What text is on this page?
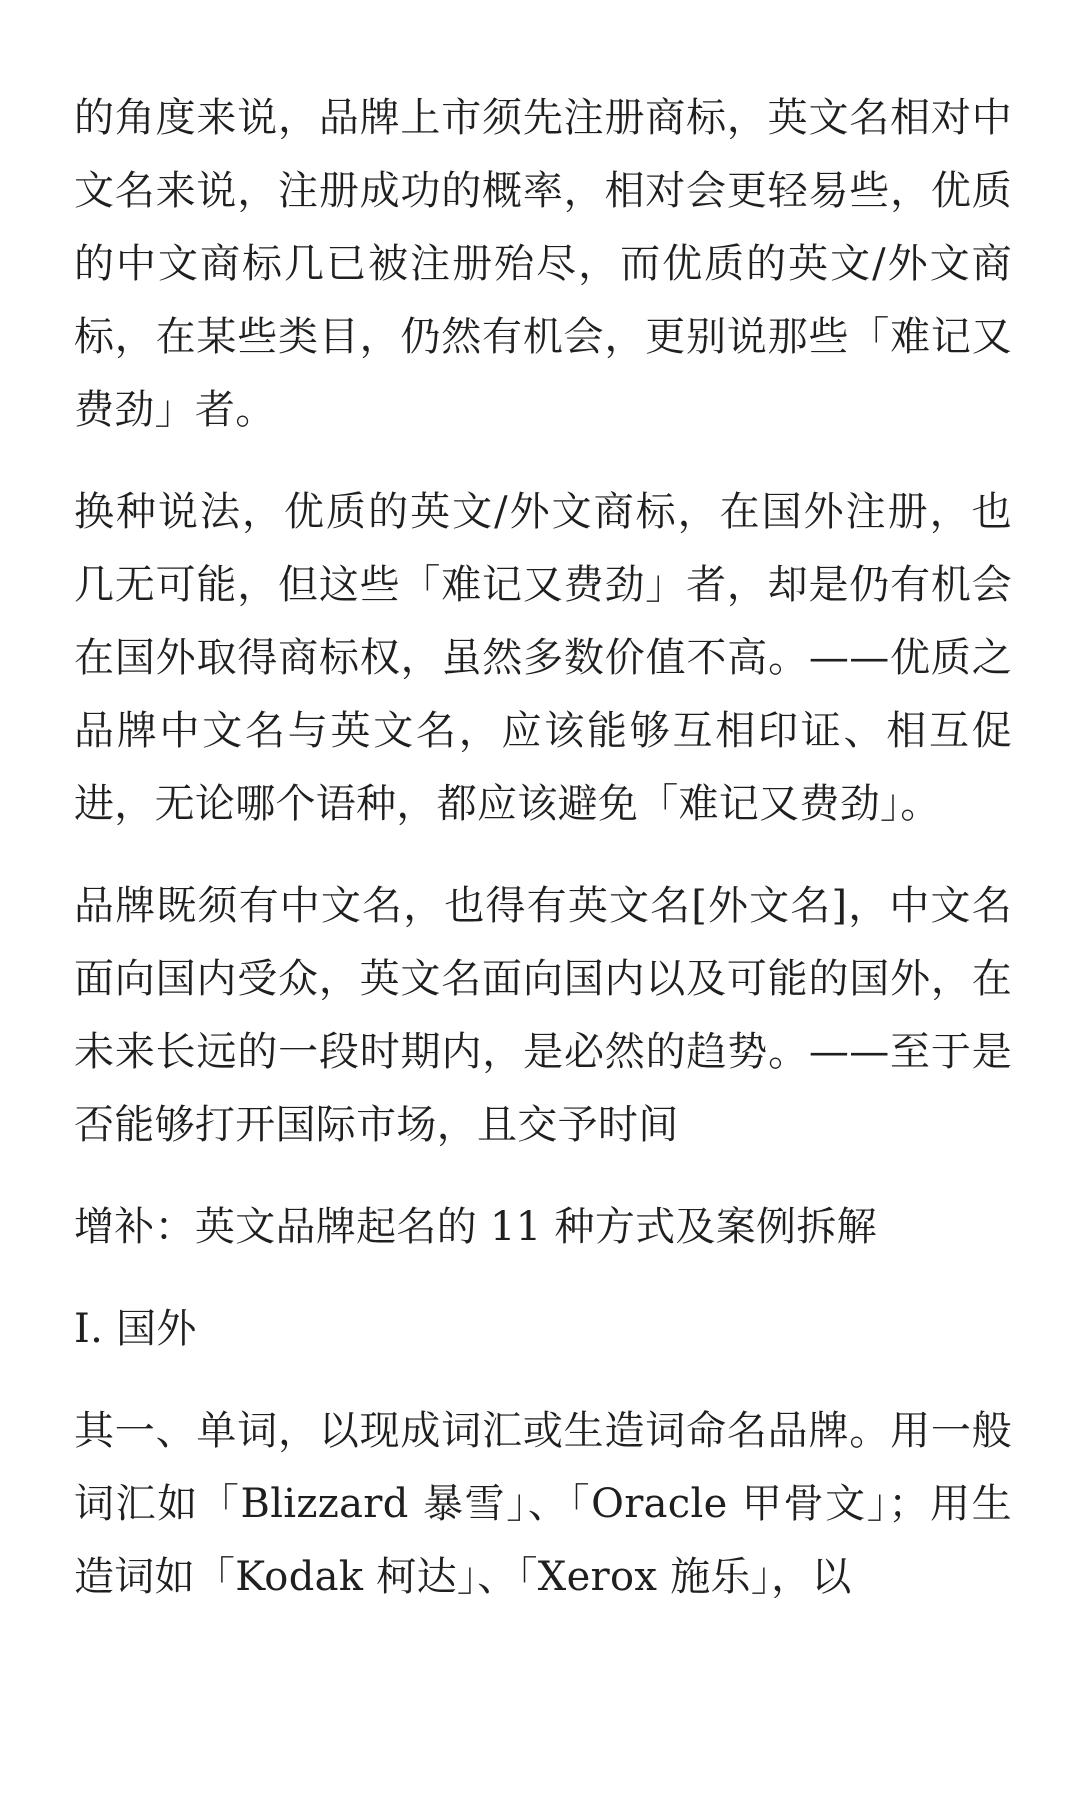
的角度来说，品牌上市须先注册商标，英文名相对中文名来说，注册成功的概率，相对会更轻易些，优质的中文商标几已被注册殆尽，而优质的英文/外文商标，在某些类目，仍然有机会，更别说那些「难记又费劲」者。

换种说法，优质的英文/外文商标，在国外注册，也几无可能，但这些「难记又费劲」者，却是仍有机会在国外取得商标权，虽然多数价值不高。——优质之品牌中文名与英文名，应该能够互相印证、相互促进，无论哪个语种，都应该避免「难记又费劲」。

品牌既须有中文名，也得有英文名[外文名]，中文名面向国内受众，英文名面向国内以及可能的国外，在未来长远的一段时期内，是必然的趋势。——至于是否能够打开国际市场，且交予时间

增补：英文品牌起名的 11 种方式及案例拆解

I. 国外

其一、单词，以现成词汇或生造词命名品牌。用一般词汇如「Blizzard 暴雪」、「Oracle 甲骨文」；用生造词如「Kodak 柯达」、「Xerox 施乐」，以
